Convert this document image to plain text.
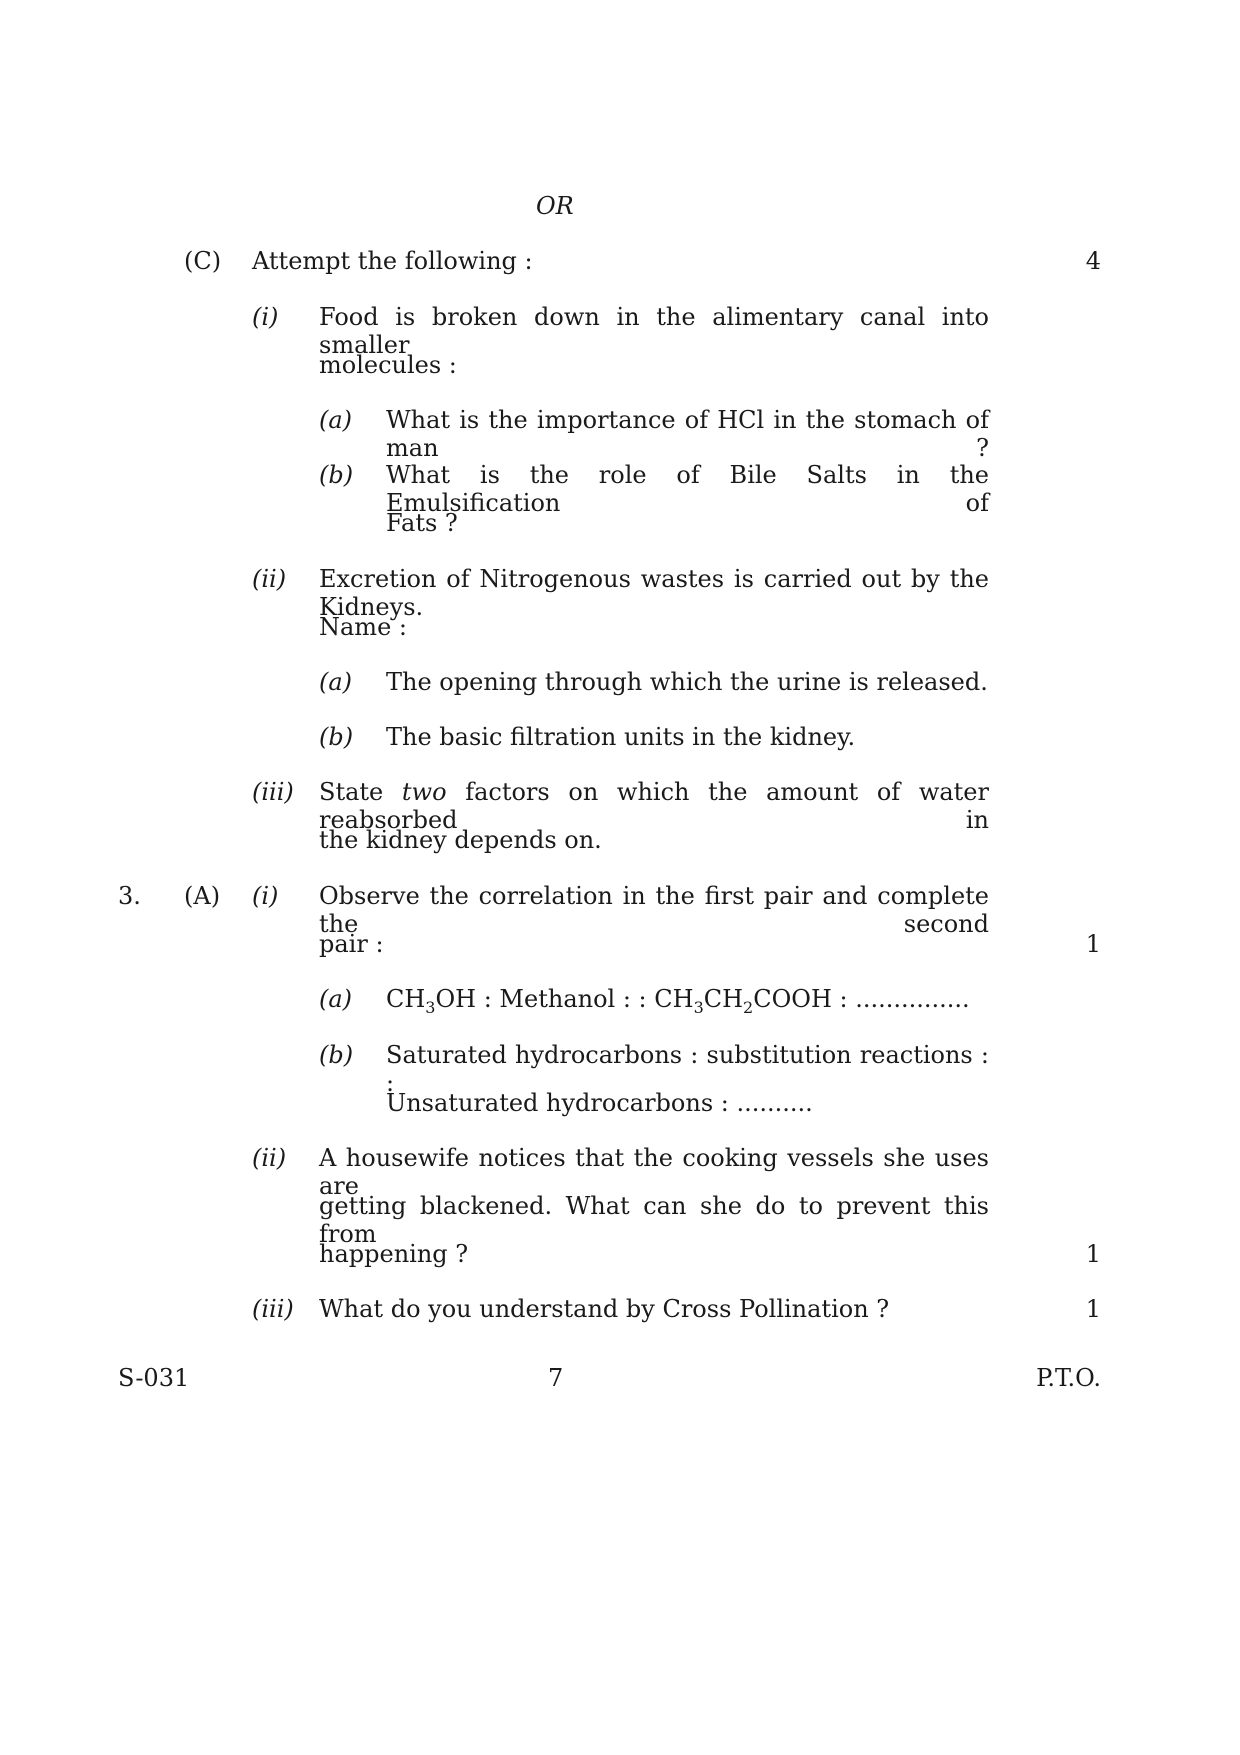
OR
(C) Attempt the following :	4
(i) Food is broken down in the alimentary canal into smaller
molecules :
(a) What is the importance of HCl in the stomach of man ?
(b) What is the role of Bile Salts in the Emulsification of
Fats ?
(ii) Excretion of Nitrogenous wastes is carried out by the Kidneys.
Name :
(a) The opening through which the urine is released.
(b) The basic filtration units in the kidney.
(iii) State two factors on which the amount of water reabsorbed in
the kidney depends on.
3. (A) (i) Observe the correlation in the first pair and complete the second
pair :	1
(a) $CH_3OH$ : Methanol : : $CH_3CH_2COOH$ : ...............
(b) Saturated hydrocarbons : substitution reactions : :
Unsaturated hydrocarbons : ..........
(ii) A housewife notices that the cooking vessels she uses are
getting blackened. What can she do to prevent this from
happening ?	1
(iii) What do you understand by Cross Pollination ?	1
S-031	7	P.T.O.
